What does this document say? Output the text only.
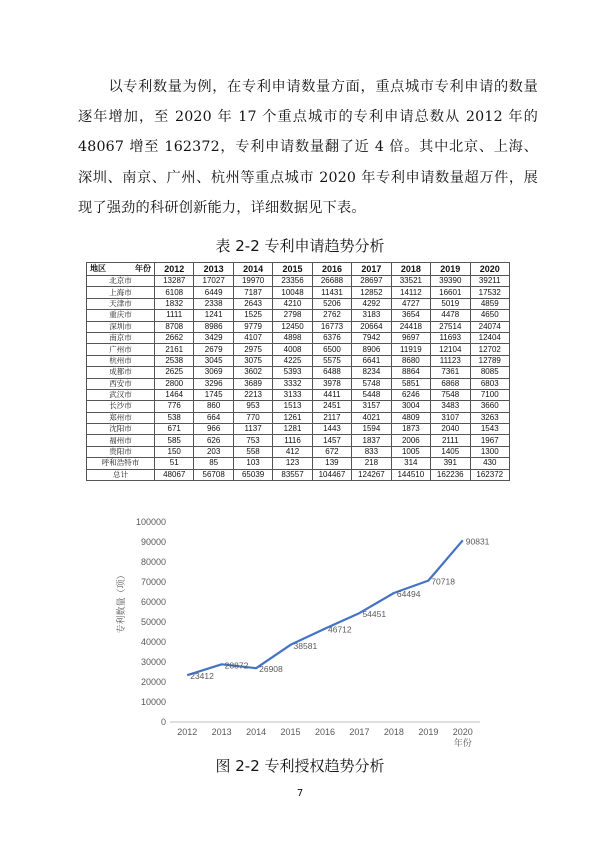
以专利数量为例，在专利申请数量方面，重点城市专利申请的数量逐年增加，至 2020 年 17 个重点城市的专利申请总数从 2012 年的 48067 增至 162372，专利申请数量翻了近 4 倍。其中北京、上海、深圳、南京、广州、杭州等重点城市 2020 年专利申请数量超万件，展现了强劲的科研创新能力，详细数据见下表。

表 2-2 专利申请趋势分析
地区 年份	2012	2013	2014	2015	2016	2017	2018	2019	2020
北京市	13287	17027	19970	23356	26688	28697	33521	39390	39211
上海市	6108	6449	7187	10048	11431	12852	14112	16601	17532
天津市	1832	2338	2643	4210	5206	4292	4727	5019	4859
重庆市	1111	1241	1525	2798	2762	3183	3654	4478	4650
深圳市	8708	8986	9779	12450	16773	20664	24418	27514	24074
南京市	2662	3429	4107	4898	6376	7942	9697	11693	12404
广州市	2161	2679	2975	4008	6500	8906	11919	12104	12702
杭州市	2538	3045	3075	4225	5575	6641	8680	11123	12789
成都市	2625	3069	3602	5393	6488	8234	8864	7361	8085
西安市	2800	3296	3689	3332	3978	5748	5851	6868	6803
武汉市	1464	1745	2213	3133	4411	5448	6246	7548	7100
长沙市	776	860	953	1513	2451	3157	3004	3483	3660
郑州市	538	664	770	1261	2117	4021	4809	3107	3263
沈阳市	671	966	1137	1281	1443	1594	1873	2040	1543
福州市	585	626	753	1116	1457	1837	2006	2111	1967
贵阳市	150	203	558	412	672	833	1005	1405	1300
呼和浩特市	51	85	103	123	139	218	314	391	430
总计	48067	56708	65039	83557	104467	124267	144510	162236	162372
0
10000
20000
30000
40000
50000
60000
70000
80000
90000
100000
2012 2013 2014 2015 2016 2017 2018 2019 2020
年份
专利数量（项）
23412
28872 26908
38581
46712
54451
64494
70718
90831
图 2-2 专利授权趋势分析
7
